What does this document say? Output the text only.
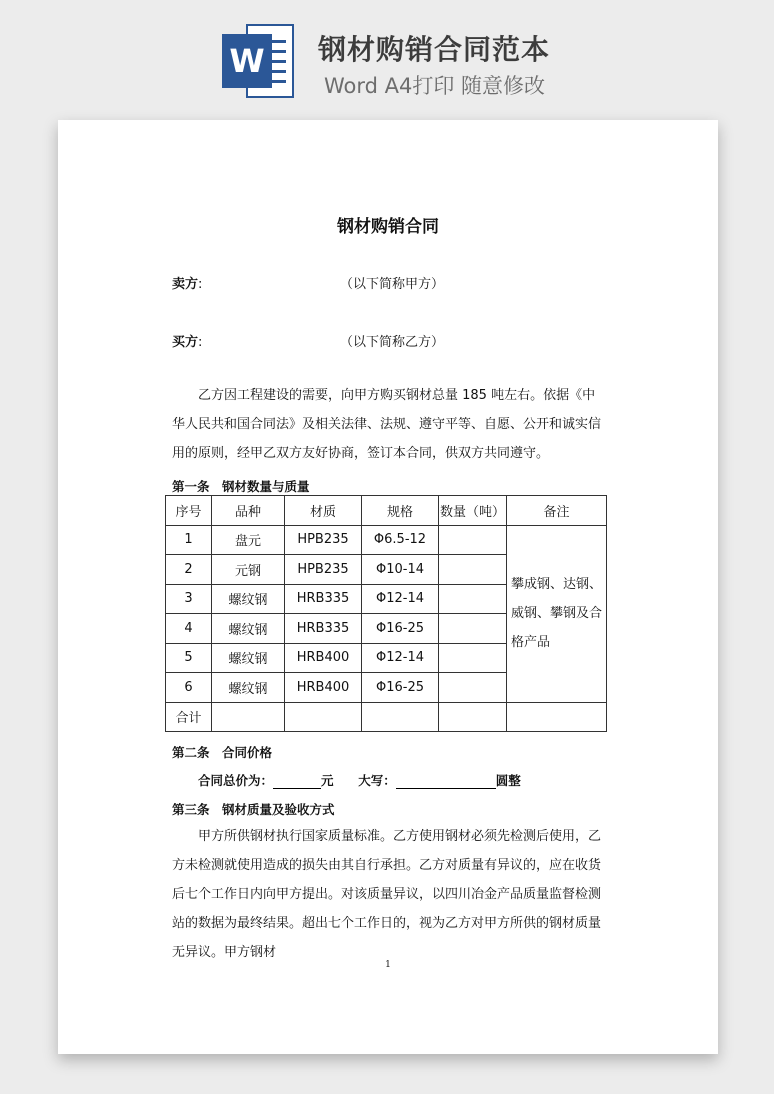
W 钢材购销合同范本
Word A4打印 随意修改
钢材购销合同
卖方:	（以下简称甲方）
买方:	（以下简称乙方）

乙方因工程建设的需要，向甲方购买钢材总量 185 吨左右。依据《中华人民共和国合同法》及相关法律、法规、遵守平等、自愿、公开和诚实信用的原则，经甲乙双方友好协商，签订本合同，供双方共同遵守。

第一条　钢材数量与质量

序号	品种	材质	规格	数量（吨）	备注
1	盘元	HPB235	Φ6.5-12		攀成钢、达钢、威钢、攀钢及合格产品
2	元钢	HPB235	Φ10-14		
3	螺纹钢	HRB335	Φ12-14		
4	螺纹钢	HRB335	Φ16-25		
5	螺纹钢	HRB400	Φ12-14		
6	螺纹钢	HRB400	Φ16-25		
合计					

第二条　合同价格

合同总价为：	元 大写：	圆整

第三条　钢材质量及验收方式

甲方所供钢材执行国家质量标准。乙方使用钢材必须先检测后使用，乙方未检测就使用造成的损失由其自行承担。乙方对质量有异议的，应在收货后七个工作日内向甲方提出。对该质量异议，以四川冶金产品质量监督检测站的数据为最终结果。超出七个工作日的，视为乙方对甲方所供的钢材质量无异议。甲方钢材

1
